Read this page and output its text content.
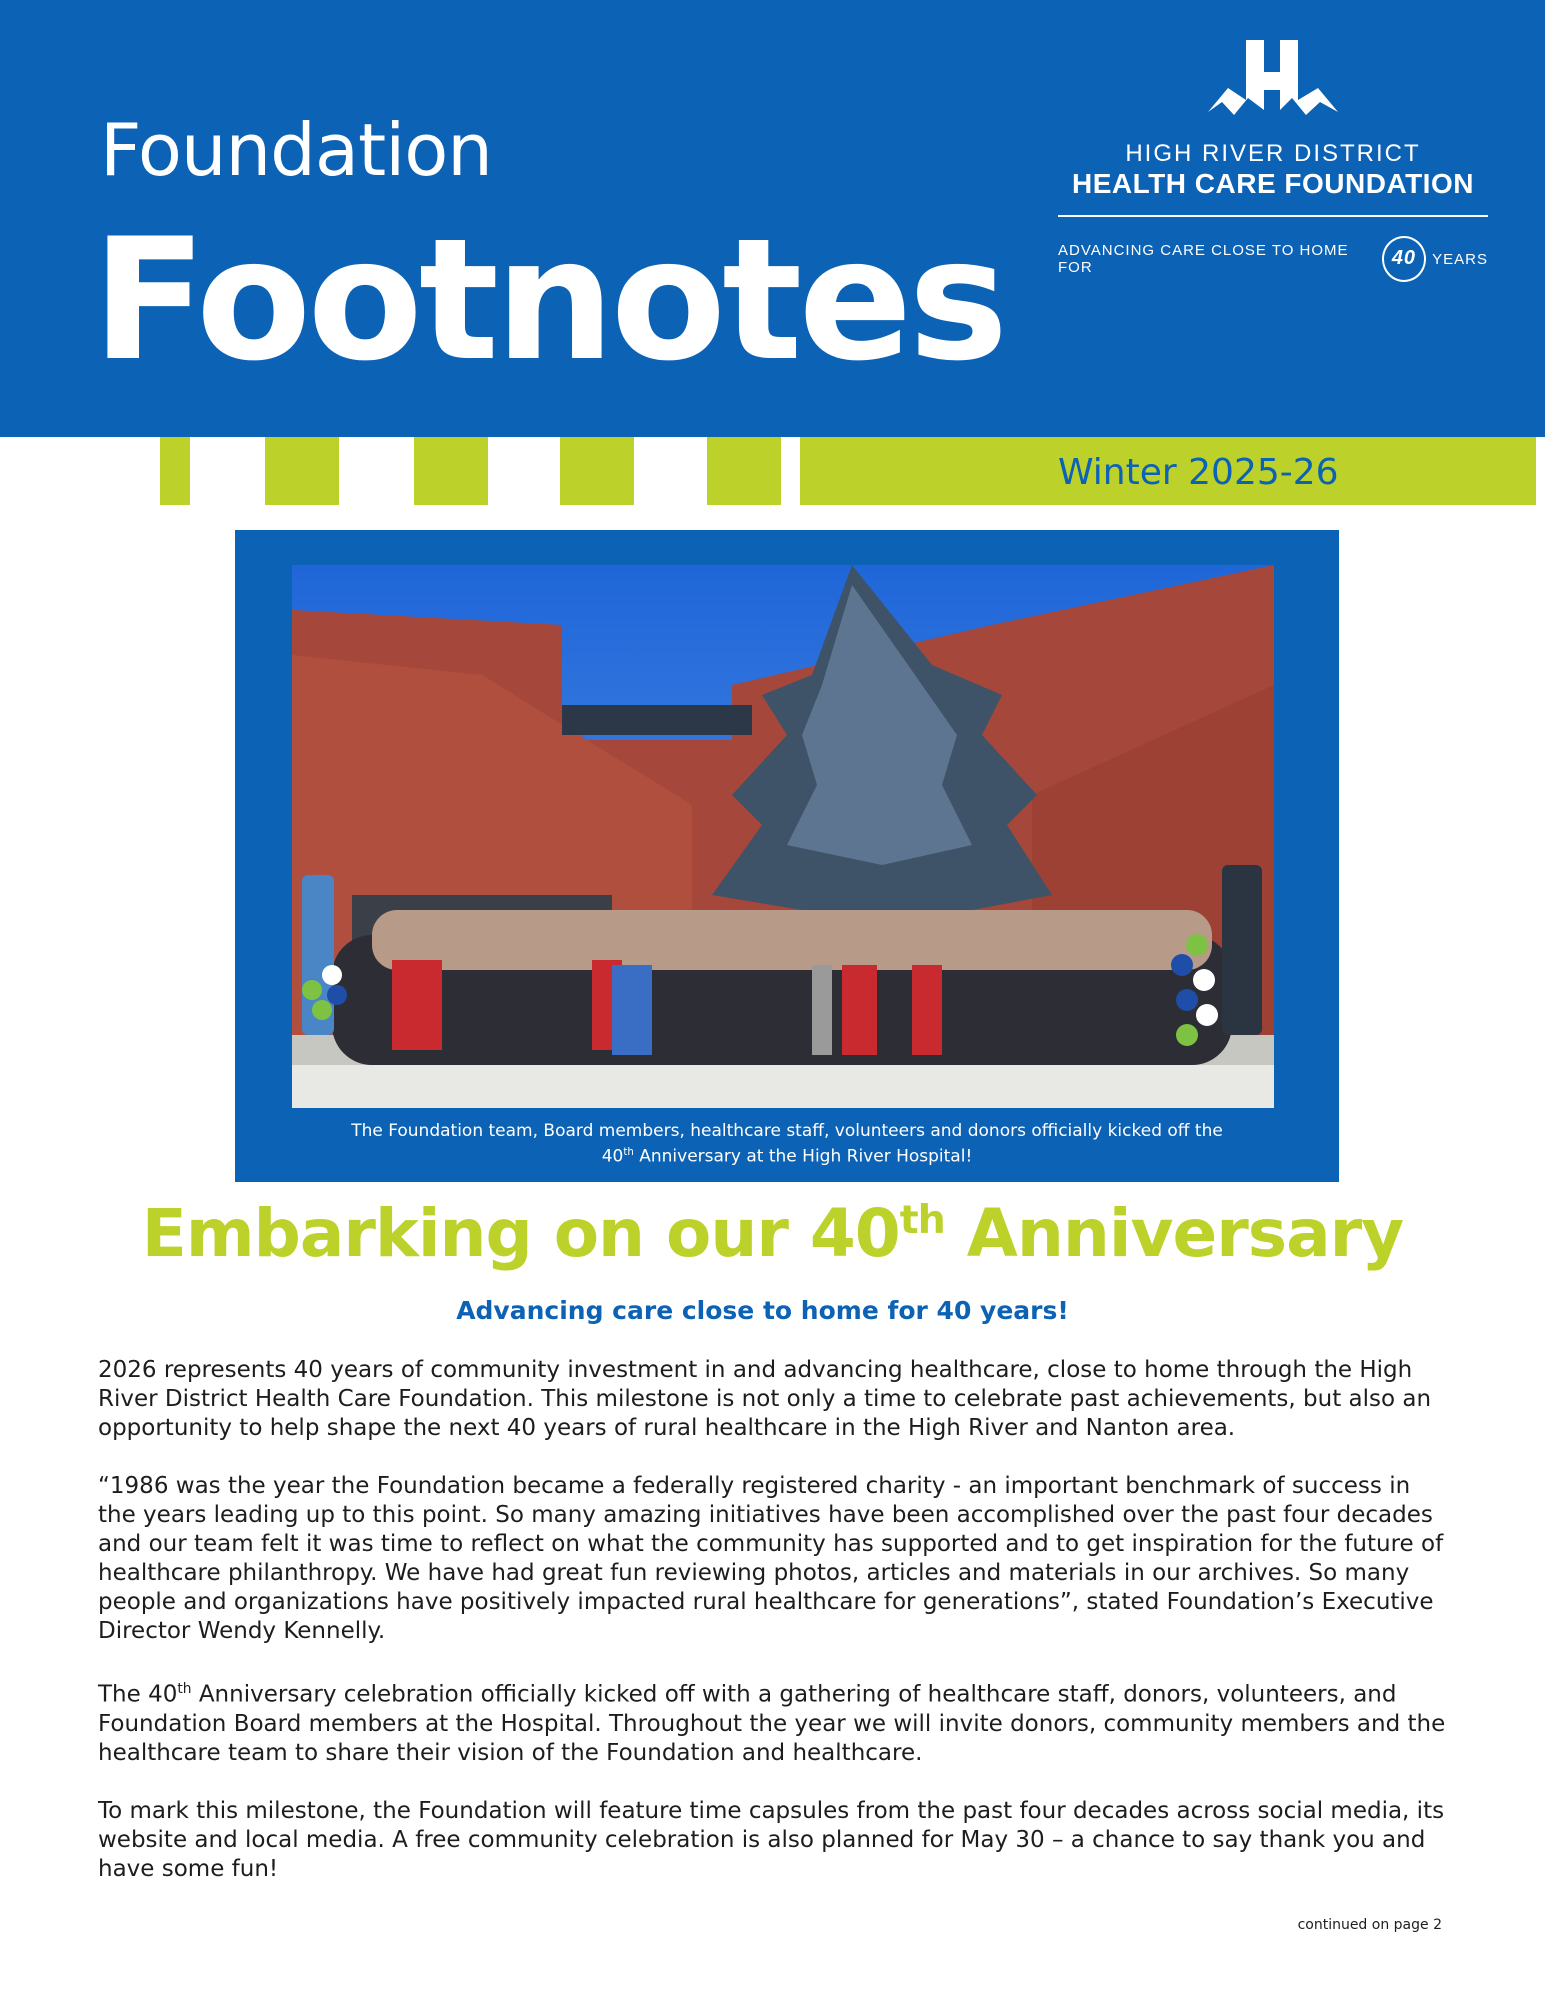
Foundation
Footnotes
HIGH RIVER DISTRICT
HEALTH CARE FOUNDATION
ADVANCING CARE CLOSE TO HOME FOR	40	YEARS
Winter 2025-26
The Foundation team, Board members, healthcare staff, volunteers and donors officially kicked off the
40th Anniversary at the High River Hospital!
Embarking on our 40th Anniversary
Advancing care close to home for 40 years!

2026 represents 40 years of community investment in and advancing healthcare, close to home through the High River District Health Care Foundation. This milestone is not only a time to celebrate past achievements, but also an opportunity to help shape the next 40 years of rural healthcare in the High River and Nanton area.

“1986 was the year the Foundation became a federally registered charity - an important benchmark of success in the years leading up to this point. So many amazing initiatives have been accomplished over the past four decades and our team felt it was time to reflect on what the community has supported and to get inspiration for the future of healthcare philanthropy. We have had great fun reviewing photos, articles and materials in our archives. So many people and organizations have positively impacted rural healthcare for generations”, stated Foundation’s Executive Director Wendy Kennelly.

The 40th Anniversary celebration officially kicked off with a gathering of healthcare staff, donors, volunteers, and Foundation Board members at the Hospital. Throughout the year we will invite donors, community members and the healthcare team to share their vision of the Foundation and healthcare.

To mark this milestone, the Foundation will feature time capsules from the past four decades across social media, its website and local media. A free community celebration is also planned for May 30 – a chance to say thank you and have some fun!

continued on page 2
